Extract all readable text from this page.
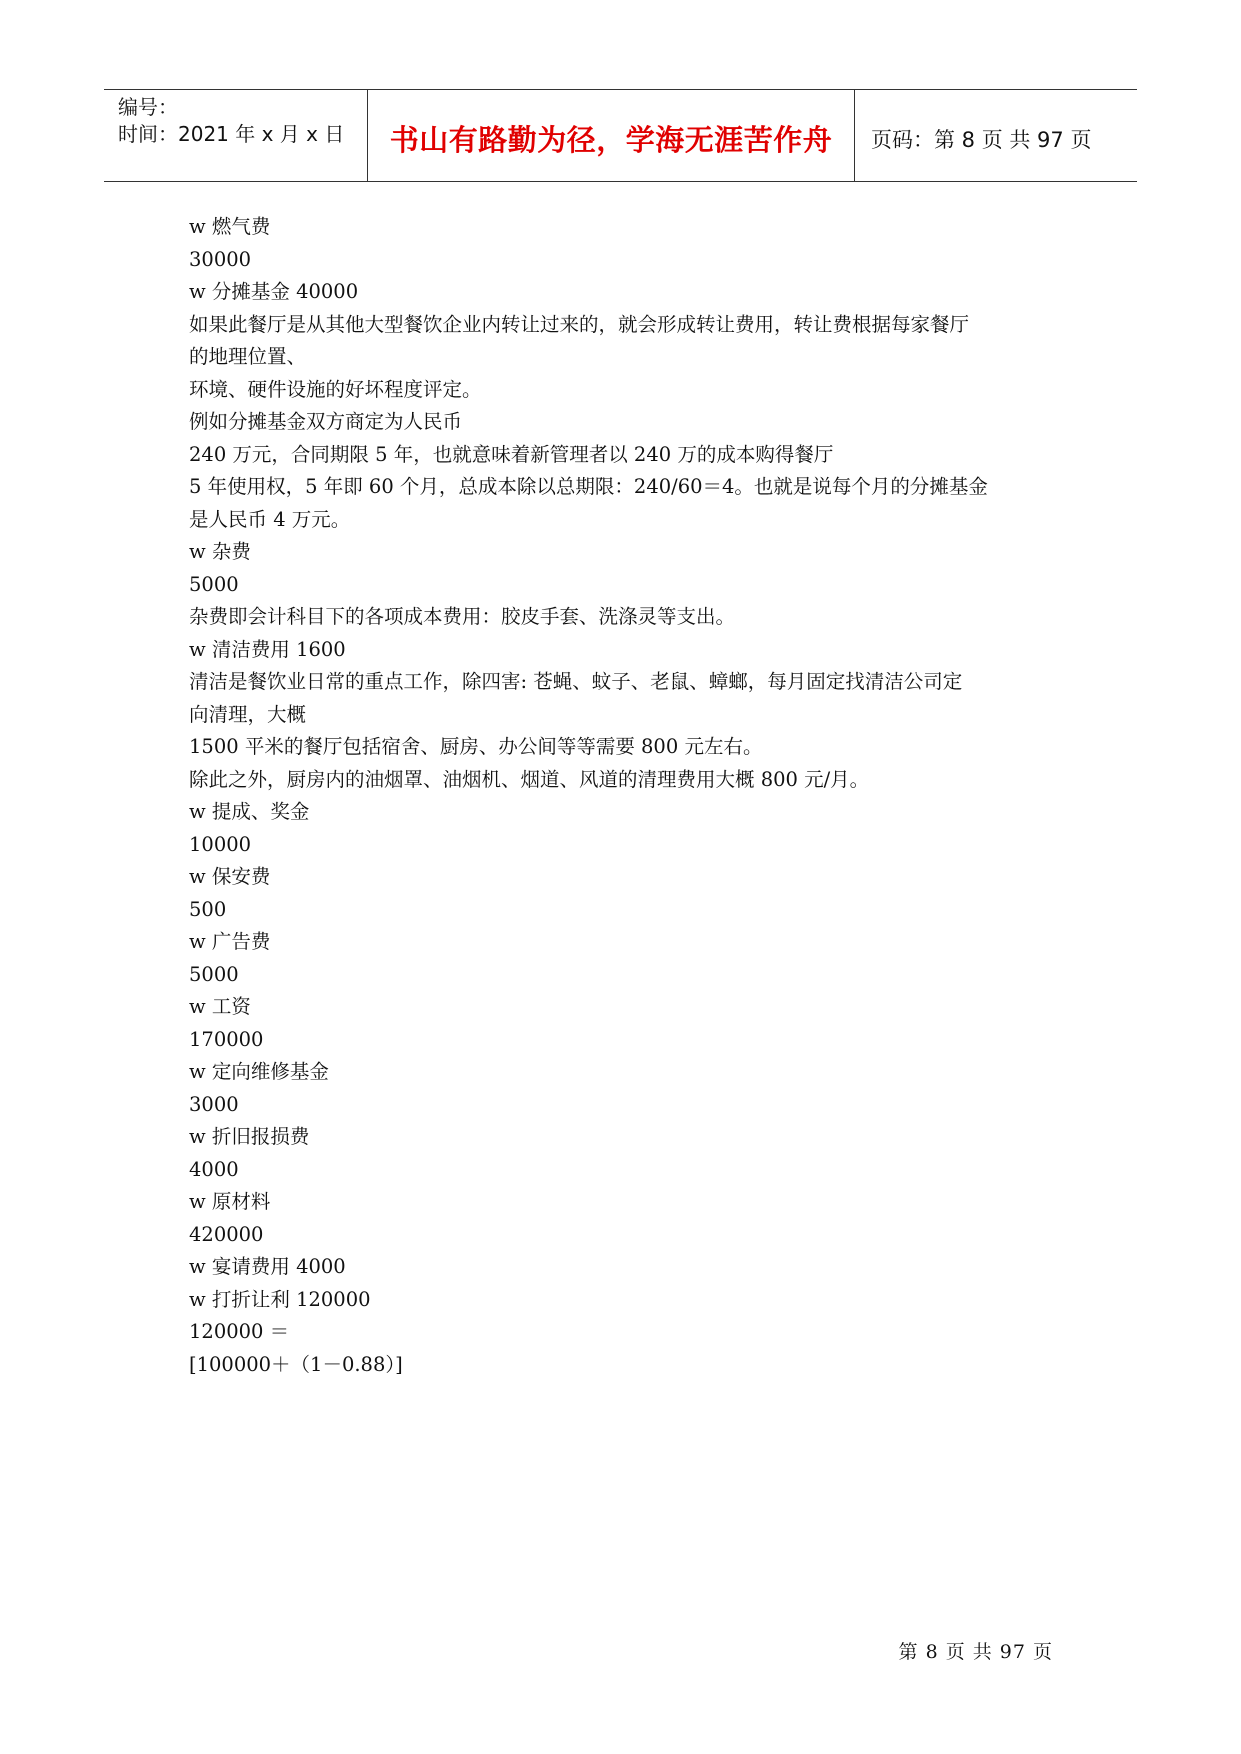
编号：
时间：2021 年 x 月 x 日	书山有路勤为径，学海无涯苦作舟	页码：第 8 页 共 97 页
w 燃气费
30000
w 分摊基金 40000
如果此餐厅是从其他大型餐饮企业内转让过来的，就会形成转让费用，转让费根据每家餐厅
的地理位置、
环境、硬件设施的好坏程度评定。
例如分摊基金双方商定为人民币
240 万元，合同期限 5 年，也就意味着新管理者以 240 万的成本购得餐厅
5 年使用权，5 年即 60 个月，总成本除以总期限：240/60＝4。也就是说每个月的分摊基金
是人民币 4 万元。
w 杂费
5000
杂费即会计科目下的各项成本费用：胶皮手套、洗涤灵等支出。
w 清洁费用 1600
清洁是餐饮业日常的重点工作，除四害: 苍蝇、蚊子、老鼠、蟑螂，每月固定找清洁公司定
向清理，大概
1500 平米的餐厅包括宿舍、厨房、办公间等等需要 800 元左右。
除此之外，厨房内的油烟罩、油烟机、烟道、风道的清理费用大概 800 元/月。
w 提成、奖金
10000
w 保安费
500
w 广告费
5000
w 工资
170000
w 定向维修基金
3000
w 折旧报损费
4000
w 原材料
420000
w 宴请费用 4000
w 打折让利 120000
120000 ＝
[100000＋（1－0.88）]
第 8 页 共 97 页
